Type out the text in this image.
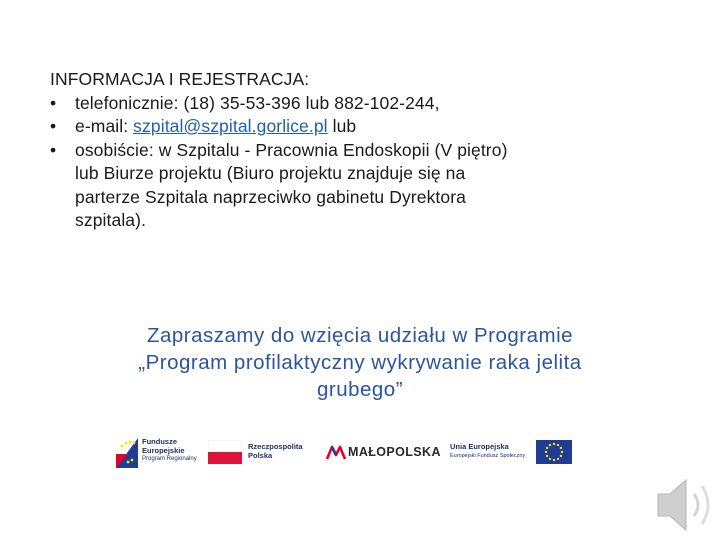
INFORMACJA I REJESTRACJA:

• telefonicznie: (18) 35-53-396 lub 882-102-244,
• e-mail: szpital@szpital.gorlice.pl lub
• osobiście: w Szpitalu - Pracownia Endoskopii (V piętro)
lub Biurze projektu (Biuro projektu znajduje się na
parterze Szpitala naprzeciwko gabinetu Dyrektora
szpitala).
Zapraszamy do wzięcia udziału w Programie
„Program profilaktyczny wykrywanie raka jelita
grubego”
Fundusze
Europejskie
Program Regionalny
Rzeczpospolita
Polska	MAŁOPOLSKA Unia Europejska
Europejski Fundusz Społeczny
